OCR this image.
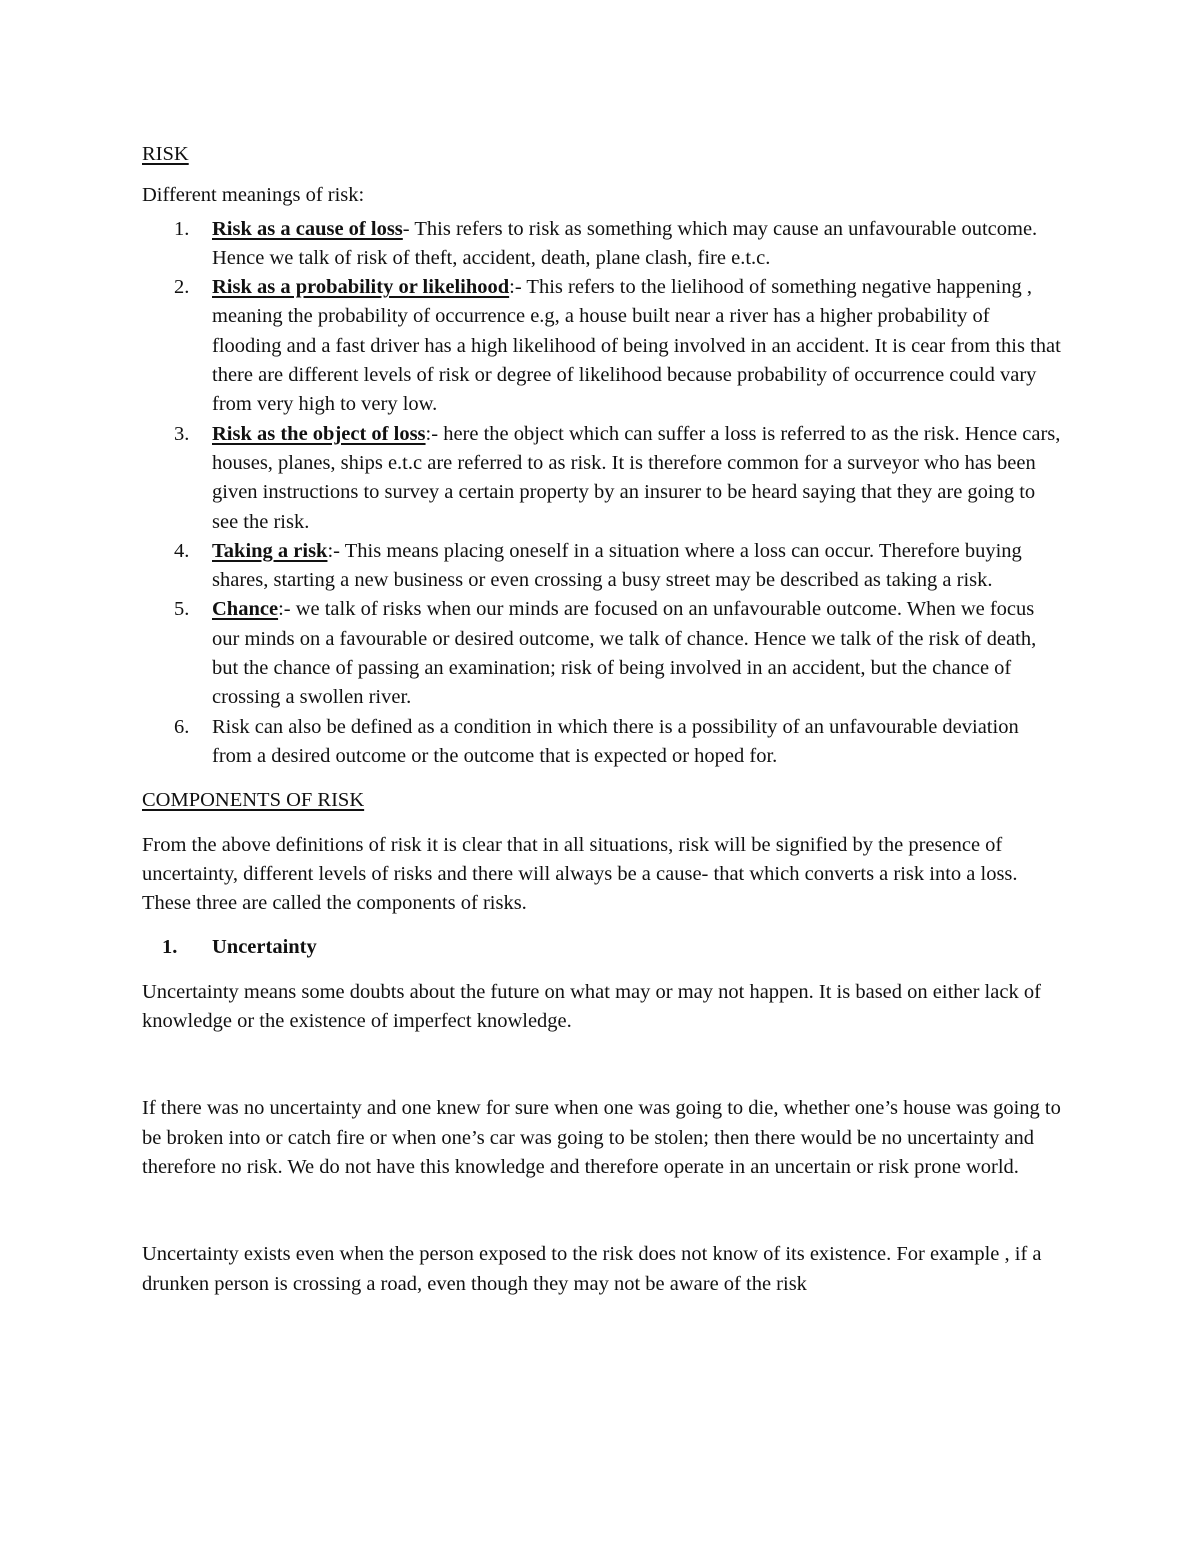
RISK

Different meanings of risk:

1. Risk as a cause of loss- This refers to risk as something which may cause an unfavourable outcome. Hence we talk of risk of theft, accident, death, plane clash, fire e.t.c.
2. Risk as a probability or likelihood:- This refers to the lielihood of something negative happening , meaning the probability of occurrence e.g, a house built near a river has a higher probability of flooding and a fast driver has a high likelihood of being involved in an accident. It is cear from this that there are different levels of risk or degree of likelihood because probability of occurrence could vary from very high to very low.
3. Risk as the object of loss:- here the object which can suffer a loss is referred to as the risk. Hence cars, houses, planes, ships e.t.c are referred to as risk. It is therefore common for a surveyor who has been given instructions to survey a certain property by an insurer to be heard saying that they are going to see the risk.
4. Taking a risk:- This means placing oneself in a situation where a loss can occur. Therefore buying shares, starting a new business or even crossing a busy street may be described as taking a risk.
5. Chance:- we talk of risks when our minds are focused on an unfavourable outcome. When we focus our minds on a favourable or desired outcome, we talk of chance. Hence we talk of the risk of death, but the chance of passing an examination; risk of being involved in an accident, but the chance of crossing a swollen river.
6. Risk can also be defined as a condition in which there is a possibility of an unfavourable deviation from a desired outcome or the outcome that is expected or hoped for.

COMPONENTS OF RISK

From the above definitions of risk it is clear that in all situations, risk will be signified by the presence of uncertainty, different levels of risks and there will always be a cause- that which converts a risk into a loss. These three are called the components of risks.

1. Uncertainty

Uncertainty means some doubts about the future on what may or may not happen. It is based on either lack of knowledge or the existence of imperfect knowledge.

If there was no uncertainty and one knew for sure when one was going to die, whether one’s house was going to be broken into or catch fire or when one’s car was going to be stolen; then there would be no uncertainty and therefore no risk. We do not have this knowledge and therefore operate in an uncertain or risk prone world.

Uncertainty exists even when the person exposed to the risk does not know of its existence. For example , if a drunken person is crossing a road, even though they may not be aware of the risk
